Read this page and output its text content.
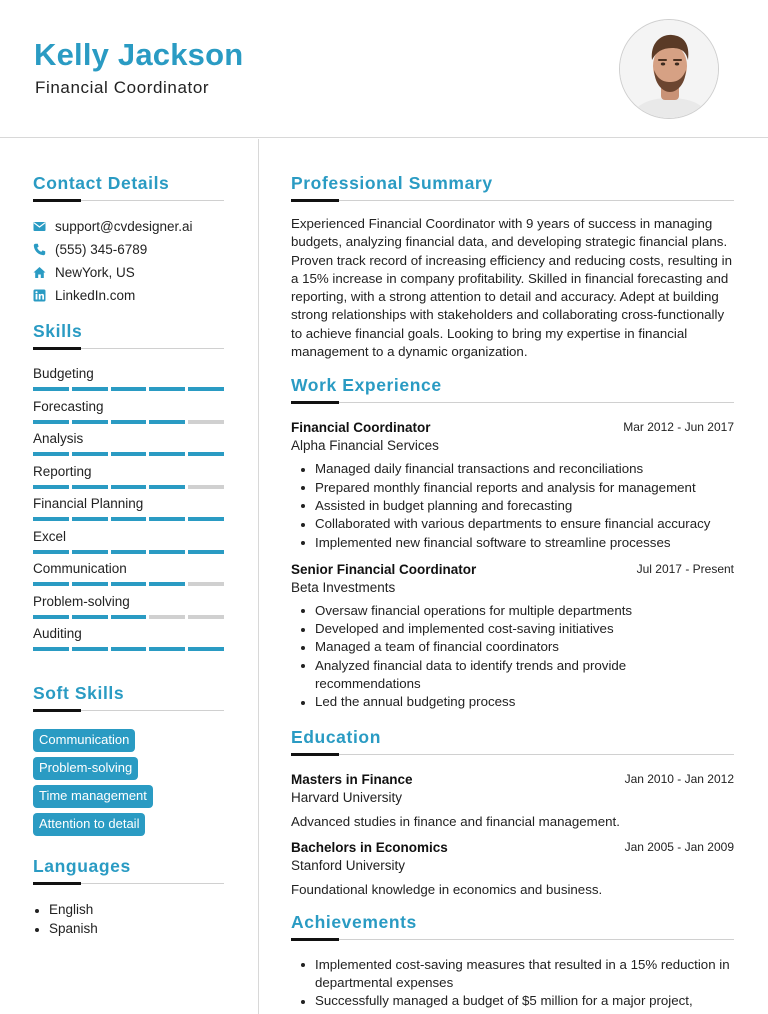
Kelly Jackson
Financial Coordinator
Contact Details
support@cvdesigner.ai
(555) 345-6789
NewYork, US
LinkedIn.com
Skills
Budgeting
Forecasting
Analysis
Reporting
Financial Planning
Excel
Communication
Problem-solving
Auditing
Soft Skills
Communication
Problem-solving
Time management
Attention to detail
Languages
English
Spanish
Professional Summary
Experienced Financial Coordinator with 9 years of success in managing budgets, analyzing financial data, and developing strategic financial plans. Proven track record of increasing efficiency and reducing costs, resulting in a 15% increase in company profitability. Skilled in financial forecasting and reporting, with a strong attention to detail and accuracy. Adept at building strong relationships with stakeholders and collaborating cross-functionally to achieve financial goals. Looking to bring my expertise in financial management to a dynamic organization.
Work Experience
Financial Coordinator	Mar 2012 - Jun 2017
Alpha Financial Services
Managed daily financial transactions and reconciliations
Prepared monthly financial reports and analysis for management
Assisted in budget planning and forecasting
Collaborated with various departments to ensure financial accuracy
Implemented new financial software to streamline processes
Senior Financial Coordinator	Jul 2017 - Present
Beta Investments
Oversaw financial operations for multiple departments
Developed and implemented cost-saving initiatives
Managed a team of financial coordinators
Analyzed financial data to identify trends and provide recommendations
Led the annual budgeting process
Education
Masters in Finance	Jan 2010 - Jan 2012
Harvard University
Advanced studies in finance and financial management.
Bachelors in Economics	Jan 2005 - Jan 2009
Stanford University
Foundational knowledge in economics and business.
Achievements
Implemented cost-saving measures that resulted in a 15% reduction in departmental expenses
Successfully managed a budget of $5 million for a major project,
